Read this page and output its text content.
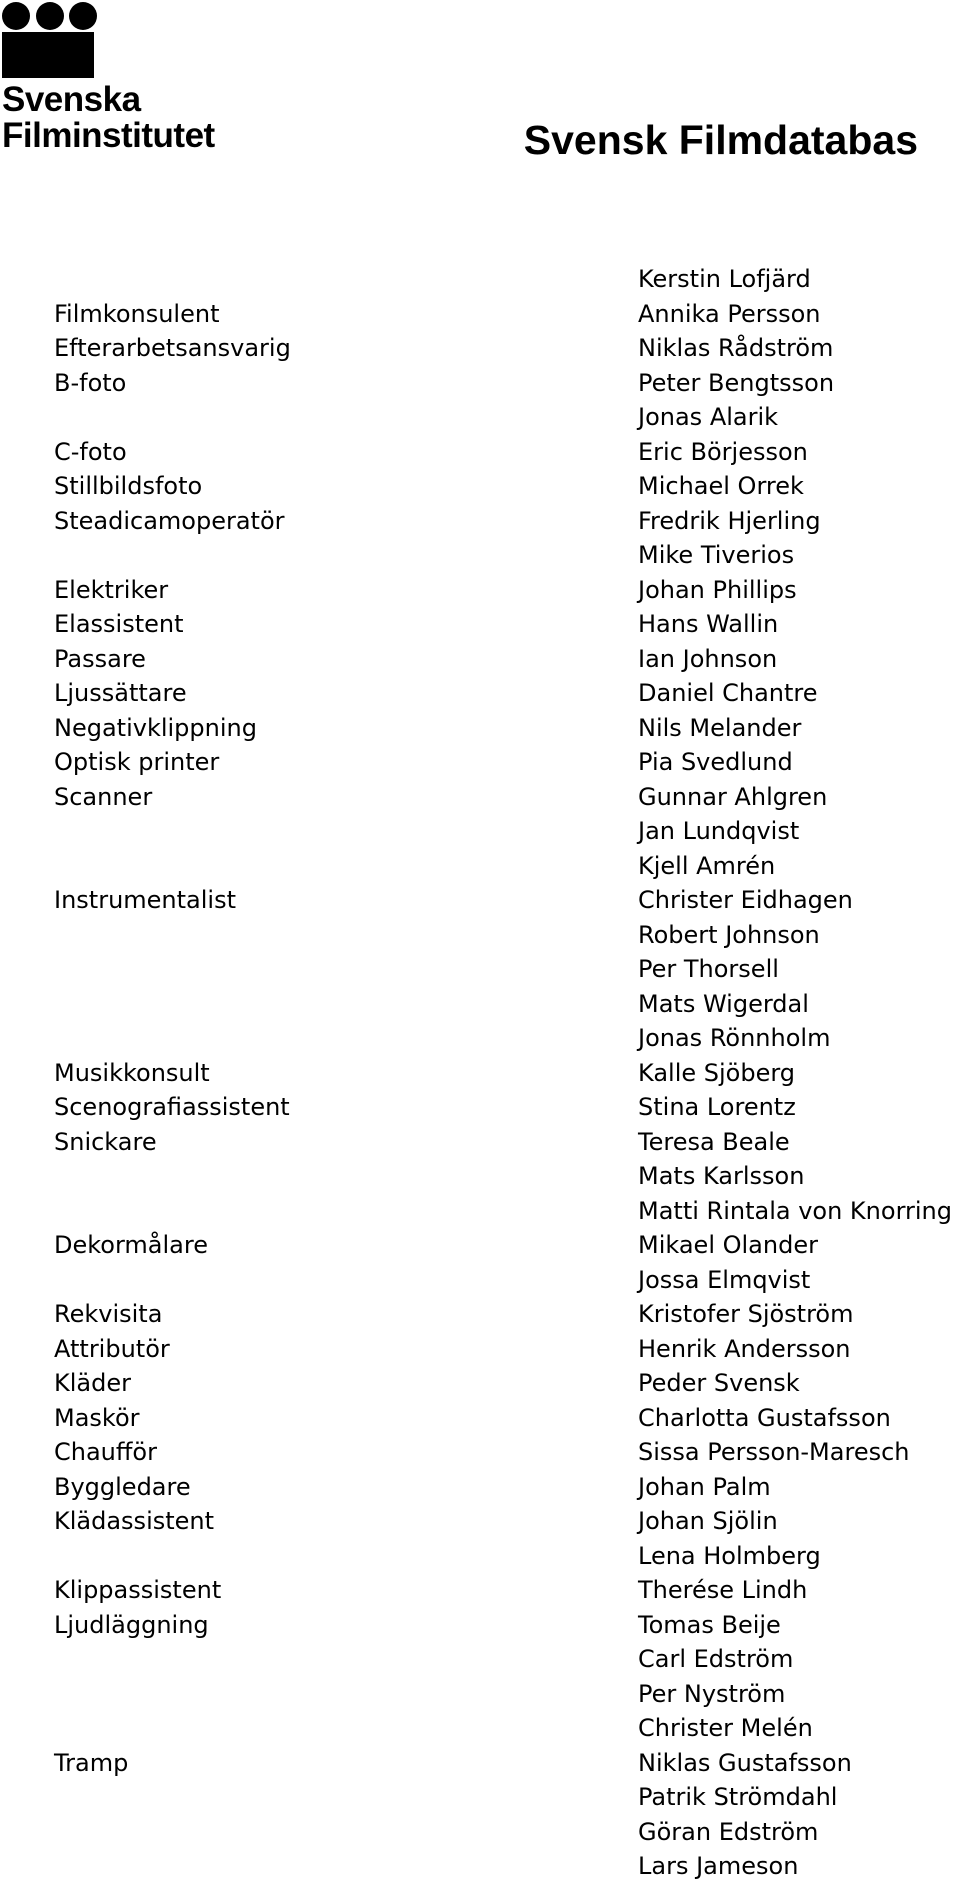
Svenska
Filminstitutet	Svensk Filmdatabas
Kerstin Lofjärd
Filmkonsulent	Annika Persson
Efterarbetsansvarig	Niklas Rådström
B-foto	Peter Bengtsson
Jonas Alarik
C-foto	Eric Börjesson
Stillbildsfoto	Michael Orrek
Steadicamoperatör	Fredrik Hjerling
Mike Tiverios
Elektriker	Johan Phillips
Elassistent	Hans Wallin
Passare	Ian Johnson
Ljussättare	Daniel Chantre
Negativklippning	Nils Melander
Optisk printer	Pia Svedlund
Scanner	Gunnar Ahlgren
Jan Lundqvist
Kjell Amrén
Instrumentalist	Christer Eidhagen
Robert Johnson
Per Thorsell
Mats Wigerdal
Jonas Rönnholm
Musikkonsult	Kalle Sjöberg
Scenografiassistent	Stina Lorentz
Snickare	Teresa Beale
Mats Karlsson
Matti Rintala von Knorring
Dekormålare	Mikael Olander
Jossa Elmqvist
Rekvisita	Kristofer Sjöström
Attributör	Henrik Andersson
Kläder	Peder Svensk
Maskör	Charlotta Gustafsson
Chaufför	Sissa Persson-Maresch
Byggledare	Johan Palm
Klädassistent	Johan Sjölin
Lena Holmberg
Klippassistent	Therése Lindh
Ljudläggning	Tomas Beije
Carl Edström
Per Nyström
Christer Melén
Tramp	Niklas Gustafsson
Patrik Strömdahl
Göran Edström
Lars Jameson
